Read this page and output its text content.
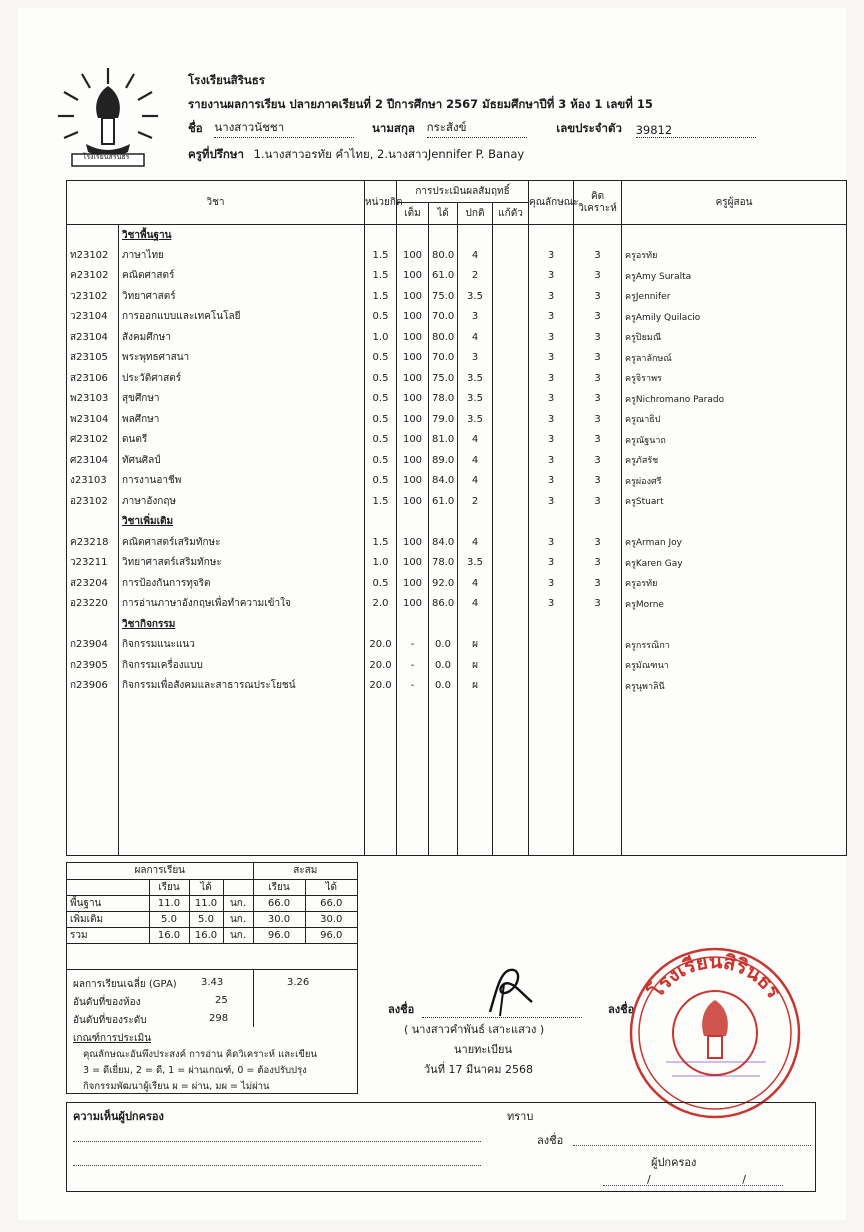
โรงเรียนสิรินธร
โรงเรียนสิรินธร
รายงานผลการเรียน ปลายภาคเรียนที่ 2 ปีการศึกษา 2567 มัธยมศึกษาปีที่ 3 ห้อง 1 เลขที่ 15
ชื่อ นางสาวนัชชา	นามสกุล กระสังข์	เลขประจำตัว 39812
ครูที่ปรึกษา 1.นางสาวอรทัย คำไทย, 2.นางสาวJennifer P. Banay
วิชา		หน่วยกิต	การประเมินผลสัมฤทธิ์				คุณลักษณะ	คิดวิเคราะห์	ครูผู้สอน
			เต็ม	ได้	ปกติ	แก้ตัว			
	วิชาพื้นฐาน								
ท23102	ภาษาไทย	1.5	100	80.0	4		3	3	ครูอรทัย
ค23102	คณิตศาสตร์	1.5	100	61.0	2		3	3	ครูAmy Suralta
ว23102	วิทยาศาสตร์	1.5	100	75.0	3.5		3	3	ครูJennifer
ว23104	การออกแบบและเทคโนโลยี	0.5	100	70.0	3		3	3	ครูAmily Quilacio
ส23104	สังคมศึกษา	1.0	100	80.0	4		3	3	ครูปิยมณี
ส23105	พระพุทธศาสนา	0.5	100	70.0	3		3	3	ครูลาลักษณ์
ส23106	ประวัติศาสตร์	0.5	100	75.0	3.5		3	3	ครูจิราพร
พ23103	สุขศึกษา	0.5	100	78.0	3.5		3	3	ครูNichromano Parado
พ23104	พลศึกษา	0.5	100	79.0	3.5		3	3	ครูณาธิป
ศ23102	ดนตรี	0.5	100	81.0	4		3	3	ครูณัฐนาถ
ศ23104	ทัศนศิลป์	0.5	100	89.0	4		3	3	ครูภัสรัช
ง23103	การงานอาชีพ	0.5	100	84.0	4		3	3	ครูผ่องศรี
อ23102	ภาษาอังกฤษ	1.5	100	61.0	2		3	3	ครูStuart
	วิชาเพิ่มเติม								
ค23218	คณิตศาสตร์เสริมทักษะ	1.5	100	84.0	4		3	3	ครูArman Joy
ว23211	วิทยาศาสตร์เสริมทักษะ	1.0	100	78.0	3.5		3	3	ครูKaren Gay
ส23204	การป้องกันการทุจริต	0.5	100	92.0	4		3	3	ครูอรทัย
อ23220	การอ่านภาษาอังกฤษเพื่อทำความเข้าใจ	2.0	100	86.0	4		3	3	ครูMorne
	วิชากิจกรรม								
ก23904	กิจกรรมแนะแนว	20.0	-	0.0	ผ				ครูกรรณิกา
ก23905	กิจกรรมเครื่องแบบ	20.0	-	0.0	ผ				ครูมัณฑนา
ก23906	กิจกรรมเพื่อสังคมและสาธารณประโยชน์	20.0	-	0.0	ผ				ครูนุพาลินี

ผลการเรียน				สะสม	
	เรียน	ได้		เรียน	ได้
พื้นฐาน	11.0	11.0	นก.	66.0	66.0
เพิ่มเติม	5.0	5.0	นก.	30.0	30.0
รวม	16.0	16.0	นก.	96.0	96.0
ผลการเรียนเฉลี่ย (GPA) 3.43	3.26
อันดับที่ของห้อง	25
อันดับที่ของระดับ	298
เกณฑ์การประเมิน
คุณลักษณะอันพึงประสงค์ การอ่าน คิดวิเคราะห์ และเขียน
3 = ดีเยี่ยม, 2 = ดี, 1 = ผ่านเกณฑ์, 0 = ต้องปรับปรุง
กิจกรรมพัฒนาผู้เรียน ผ = ผ่าน, มผ = ไม่ผ่าน
ลงชื่อ
( นางสาวคำพันธ์ เสาะแสวง )
นายทะเบียน
วันที่ 17 มีนาคม 2568
ลงชื่อ
โรงเรียนสิรินธร
ความเห็นผู้ปกครอง	ทราบ
ลงชื่อ
ผู้ปกครอง
/ /
